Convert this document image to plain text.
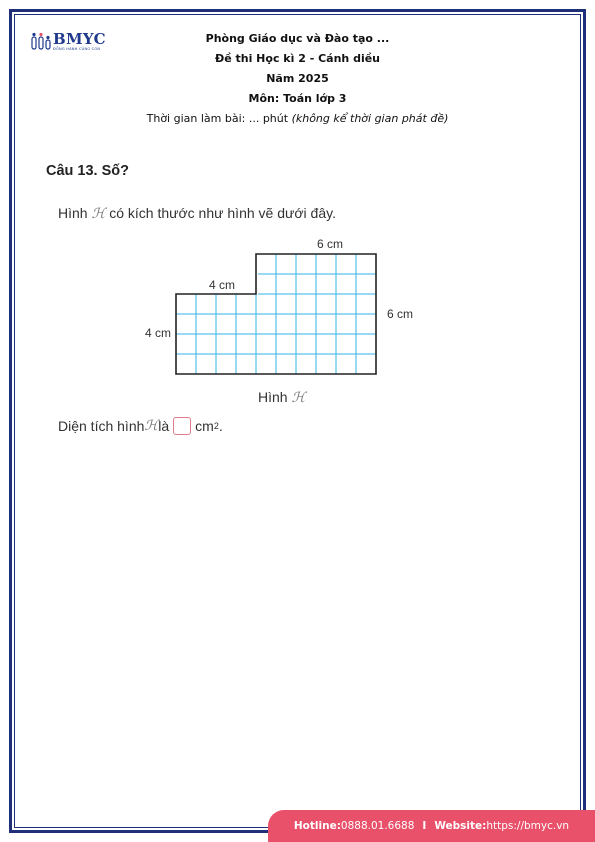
BMYC
ĐỒNG HÀNH CÙNG CON
Phòng Giáo dục và Đào tạo ...
Đề thi Học kì 2 - Cánh diều
Năm 2025
Môn: Toán lớp 3
Thời gian làm bài: ... phút (không kể thời gian phát đề)
Câu 13. Số?
Hình ℋ có kích thước như hình vẽ dưới đây.
6 cm
4 cm
4 cm
6 cm
Hình ℋ
Diện tích hình ℋ là cm 2 .
Hotline: 0888.01.6688 I Website: https://bmyc.vn
